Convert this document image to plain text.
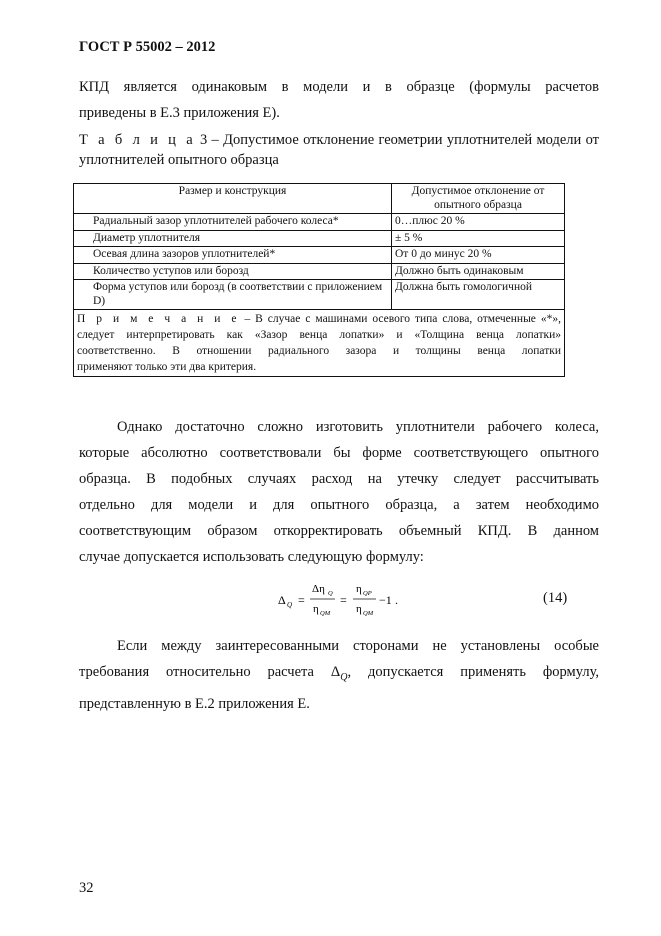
ГОСТ Р 55002 – 2012
КПД является одинаковым в модели и в образце (формулы расчетов
приведены в Е.3 приложения Е).
Т а б л и ц а 3 – Допустимое отклонение геометрии уплотнителей модели от
уплотнителей опытного образца
Размер и конструкция	Допустимое отклонение от опытного образца
Радиальный зазор уплотнителей рабочего колеса*	0…плюс 20 %
Диаметр уплотнителя	± 5 %
Осевая длина зазоров уплотнителей*	От 0 до минус 20 %
Количество уступов или борозд	Должно быть одинаковым
Форма уступов или борозд (в соответствии с приложением D)	Должна быть гомологичной

П р и м е ч а н и е – В случае с машинами осевого типа слова, отмеченные «*»,
следует интерпретировать как «Зазор венца лопатки» и «Толщина венца лопатки»
соответственно. В отношении радиального зазора и толщины венца лопатки
применяют только эти два критерия.	
Однако достаточно сложно изготовить уплотнители рабочего колеса,
которые абсолютно соответствовали бы форме соответствующего опытного
образца. В подобных случаях расход на утечку следует рассчитывать
отдельно для модели и для опытного образца, а затем необходимо
соответствующим образом откорректировать объемный КПД. В данном
случае допускается использовать следующую формулу:
Δ Q =
Δη Q
η QM
=
η QP
η QM
−1 .	(14)
Если между заинтересованными сторонами не установлены особые
требования относительно расчета $\Delta_Q$, допускается применять формулу,
представленную в Е.2 приложения Е.
32
